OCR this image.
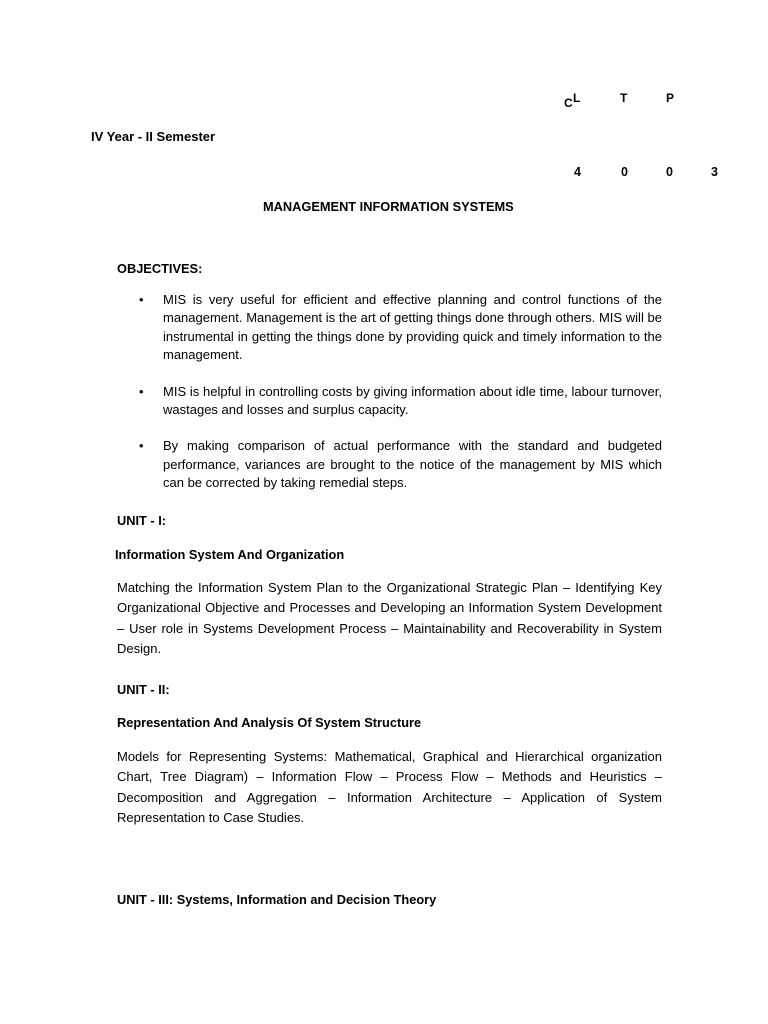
C L	T	P
IV Year - II Semester
4	0	0	3
MANAGEMENT INFORMATION SYSTEMS
OBJECTIVES:
• MIS is very useful for efficient and effective planning and control functions of the management. Management is the art of getting things done through others. MIS will be instrumental in getting the things done by providing quick and timely information to the management.
• MIS is helpful in controlling costs by giving information about idle time, labour turnover, wastages and losses and surplus capacity.
• By making comparison of actual performance with the standard and budgeted performance, variances are brought to the notice of the management by MIS which can be corrected by taking remedial steps.
UNIT - I:
Information System And Organization

Matching the Information System Plan to the Organizational Strategic Plan – Identifying Key Organizational Objective and Processes and Developing an Information System Development – User role in Systems Development Process – Maintainability and Recoverability in System Design.

UNIT - II:
Representation And Analysis Of System Structure

Models for Representing Systems: Mathematical, Graphical and Hierarchical organization Chart, Tree Diagram) – Information Flow – Process Flow – Methods and Heuristics – Decomposition and Aggregation – Information Architecture – Application of System Representation to Case Studies.

UNIT - III: Systems, Information and Decision Theory
